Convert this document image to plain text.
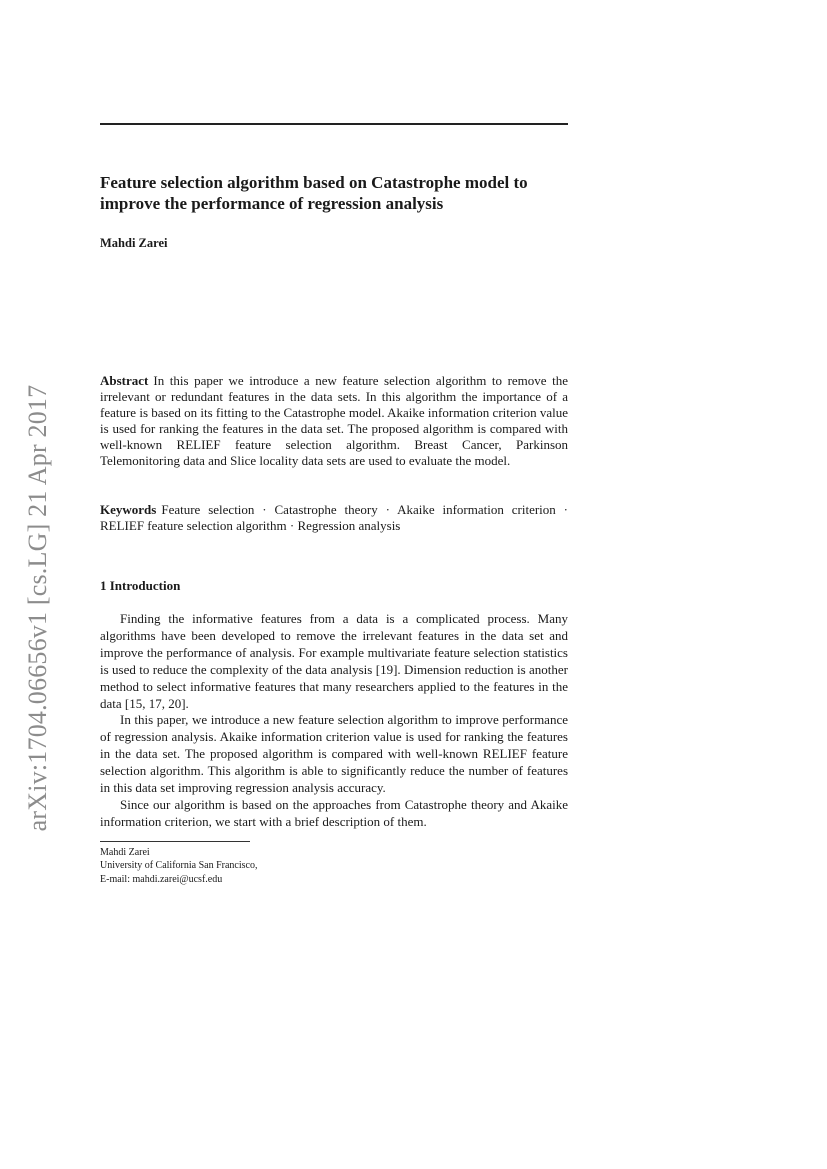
arXiv:1704.06656v1 [cs.LG] 21 Apr 2017
Feature selection algorithm based on Catastrophe model to improve the performance of regression analysis
Mahdi Zarei

Abstract In this paper we introduce a new feature selection algorithm to remove the irrelevant or redundant features in the data sets. In this algorithm the importance of a feature is based on its fitting to the Catastrophe model. Akaike information criterion value is used for ranking the features in the data set. The proposed algorithm is compared with well-known RELIEF feature selection algorithm. Breast Cancer, Parkinson Telemonitoring data and Slice locality data sets are used to evaluate the model.

Keywords Feature selection · Catastrophe theory · Akaike information criterion · RELIEF feature selection algorithm · Regression analysis

1 Introduction

Finding the informative features from a data is a complicated process. Many algorithms have been developed to remove the irrelevant features in the data set and improve the performance of analysis. For example multivariate feature selection statistics is used to reduce the complexity of the data analysis [19]. Dimension reduction is another method to select informative features that many researchers applied to the features in the data [15, 17, 20].

In this paper, we introduce a new feature selection algorithm to improve performance of regression analysis. Akaike information criterion value is used for ranking the features in the data set. The proposed algorithm is compared with well-known RELIEF feature selection algorithm. This algorithm is able to significantly reduce the number of features in this data set improving regression analysis accuracy.

Since our algorithm is based on the approaches from Catastrophe theory and Akaike information criterion, we start with a brief description of them.

Mahdi Zarei
University of California San Francisco,
E-mail: mahdi.zarei@ucsf.edu
